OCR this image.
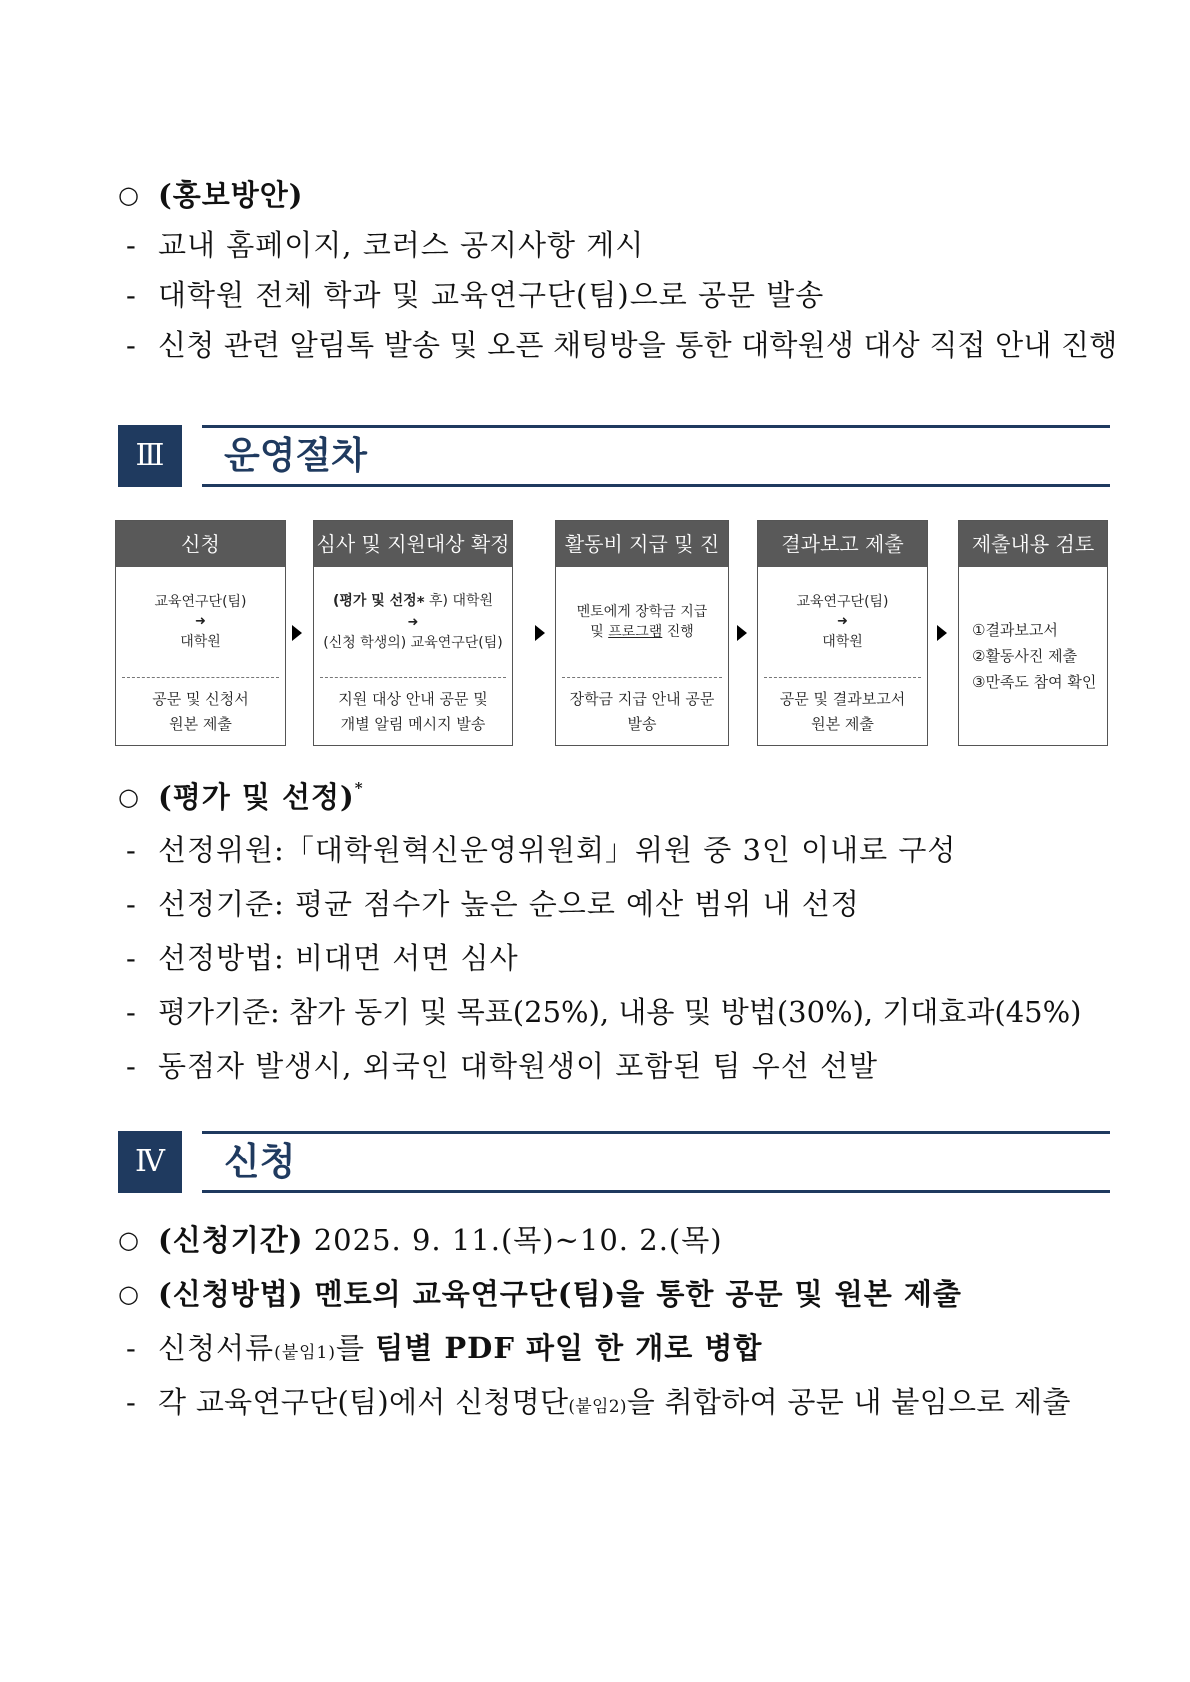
○ (홍보방안)
- 교내 홈페이지, 코러스 공지사항 게시
- 대학원 전체 학과 및 교육연구단(팀)으로 공문 발송
- 신청 관련 알림톡 발송 및 오픈 채팅방을 통한 대학원생 대상 직접 안내 진행
Ⅲ	운영절차
신청
교육연구단(팀)
➜
대학원
공문 및 신청서
원본 제출
심사 및 지원대상 확정
(평가 및 선정* 후) 대학원
➜
(신청 학생의) 교육연구단(팀)
지원 대상 안내 공문 및
개별 알림 메시지 발송
활동비 지급 및 진행
멘토에게 장학금 지급
및 프로그램 진행
장학금 지급 안내 공문
발송
결과보고 제출
교육연구단(팀)
➜
대학원
공문 및 결과보고서
원본 제출
제출내용 검토
①결과보고서
②활동사진 제출
③만족도 참여 확인
○ (평가 및 선정)*
- 선정위원:「대학원혁신운영위원회」위원 중 3인 이내로 구성
- 선정기준: 평균 점수가 높은 순으로 예산 범위 내 선정
- 선정방법: 비대면 서면 심사
- 평가기준: 참가 동기 및 목표(25%), 내용 및 방법(30%), 기대효과(45%)
- 동점자 발생시, 외국인 대학원생이 포함된 팀 우선 선발
Ⅳ	신청
○ (신청기간) 2025. 9. 11.(목)~10. 2.(목)
○ (신청방법) 멘토의 교육연구단(팀)을 통한 공문 및 원본 제출
- 신청서류(붙임1)를 팀별 PDF 파일 한 개로 병합
- 각 교육연구단(팀)에서 신청명단(붙임2)을 취합하여 공문 내 붙임으로 제출
